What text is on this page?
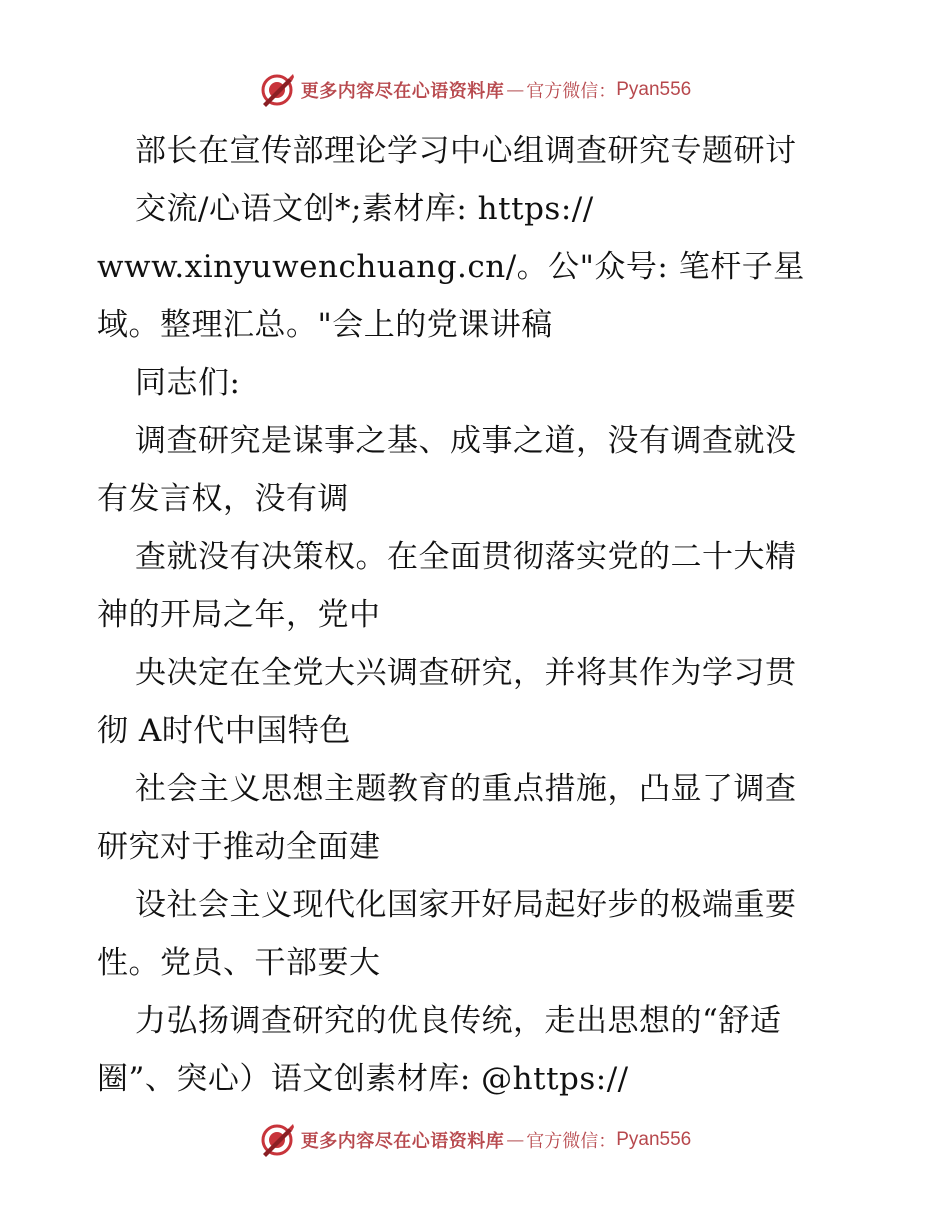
更多内容尽在心语资料库 — 官方微信： Pyan556

部长在宣传部理论学习中心组调查研究专题研讨

交流/心语文创*;素材库: https://

www.xinyuwenchuang.cn/。公"众号: 笔杆子星

域。整理汇总。"会上的党课讲稿

同志们:

调查研究是谋事之基、成事之道，没有调查就没

有发言权，没有调

查就没有决策权。在全面贯彻落实党的二十大精

神的开局之年，党中

央决定在全党大兴调查研究，并将其作为学习贯

彻 A时代中国特色

社会主义思想主题教育的重点措施，凸显了调查

研究对于推动全面建

设社会主义现代化国家开好局起好步的极端重要

性。党员、干部要大

力弘扬调查研究的优良传统，走出思想的“舒适

圈”、突心）语文创素材库: @https://

更多内容尽在心语资料库 — 官方微信： Pyan556
